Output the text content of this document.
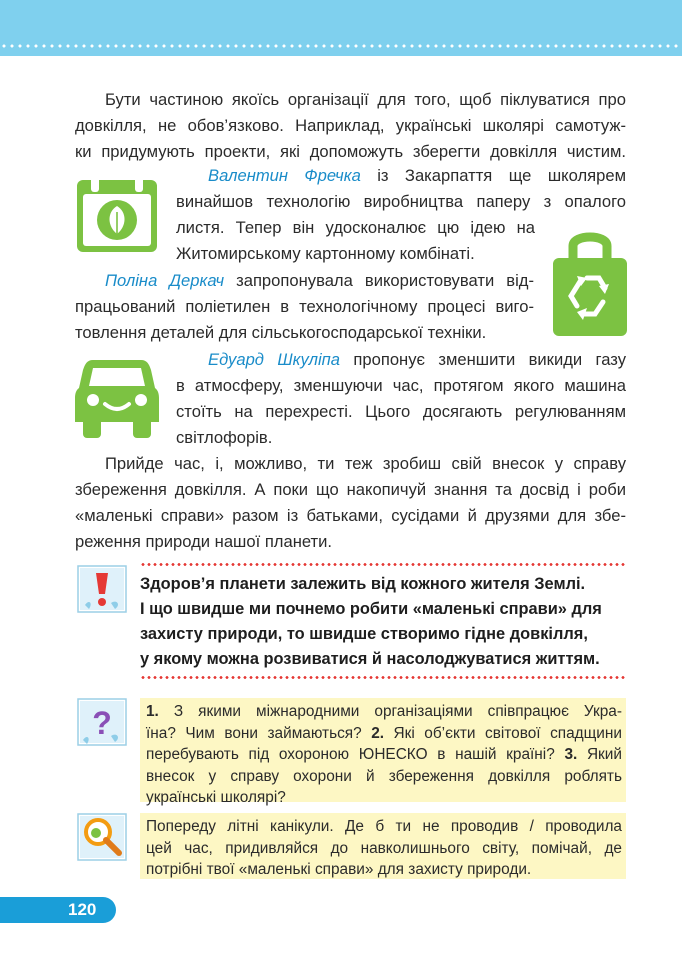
Бути частиною якоїсь організації для того, щоб піклуватися про

довкілля, не обов’язково. Наприклад, українські школярі самотуж-

ки придумують проекти, які допоможуть зберегти довкілля чистим.

Валентин Фречка із Закарпаття ще школярем

винайшов технологію виробництва паперу з опалого

листя. Тепер він удосконалює цю ідею на

Житомирському картонному комбінаті.

Поліна Деркач запропонувала використовувати від-

працьований поліетилен в технологічному процесі виго-

товлення деталей для сільськогосподарської техніки.

Едуард Шкуліпа пропонує зменшити викиди газу

в атмосферу, зменшуючи час, протягом якого машина

стоїть на перехресті. Цього досягають регулюванням

світлофорів.

Прийде час, і, можливо, ти теж зробиш свій внесок у справу

збереження довкілля. А поки що накопичуй знання та досвід і роби

«маленькі справи» разом із батьками, сусідами й друзями для збе-

реження природи нашої планети.

Здоров’я планети залежить від кожного жителя Землі.

І що швидше ми почнемо робити «маленькі справи» для

захисту природи, то швидше створимо гідне довкілля,

у якому можна розвиватися й насолоджуватися життям.

? 1. З якими міжнародними організаціями співпрацює Укра-
їна? Чим вони займаються? 2. Які об’єкти світової спадщини
перебувають під охороною ЮНЕСКО в нашій країні? 3. Який
внесок у справу охорони й збереження довкілля роблять
українські школярі?
Попереду літні канікули. Де б ти не проводив / проводила
цей час, придивляйся до навколишнього світу, помічай, де
потрібні твої «маленькі справи» для захисту природи.
120
